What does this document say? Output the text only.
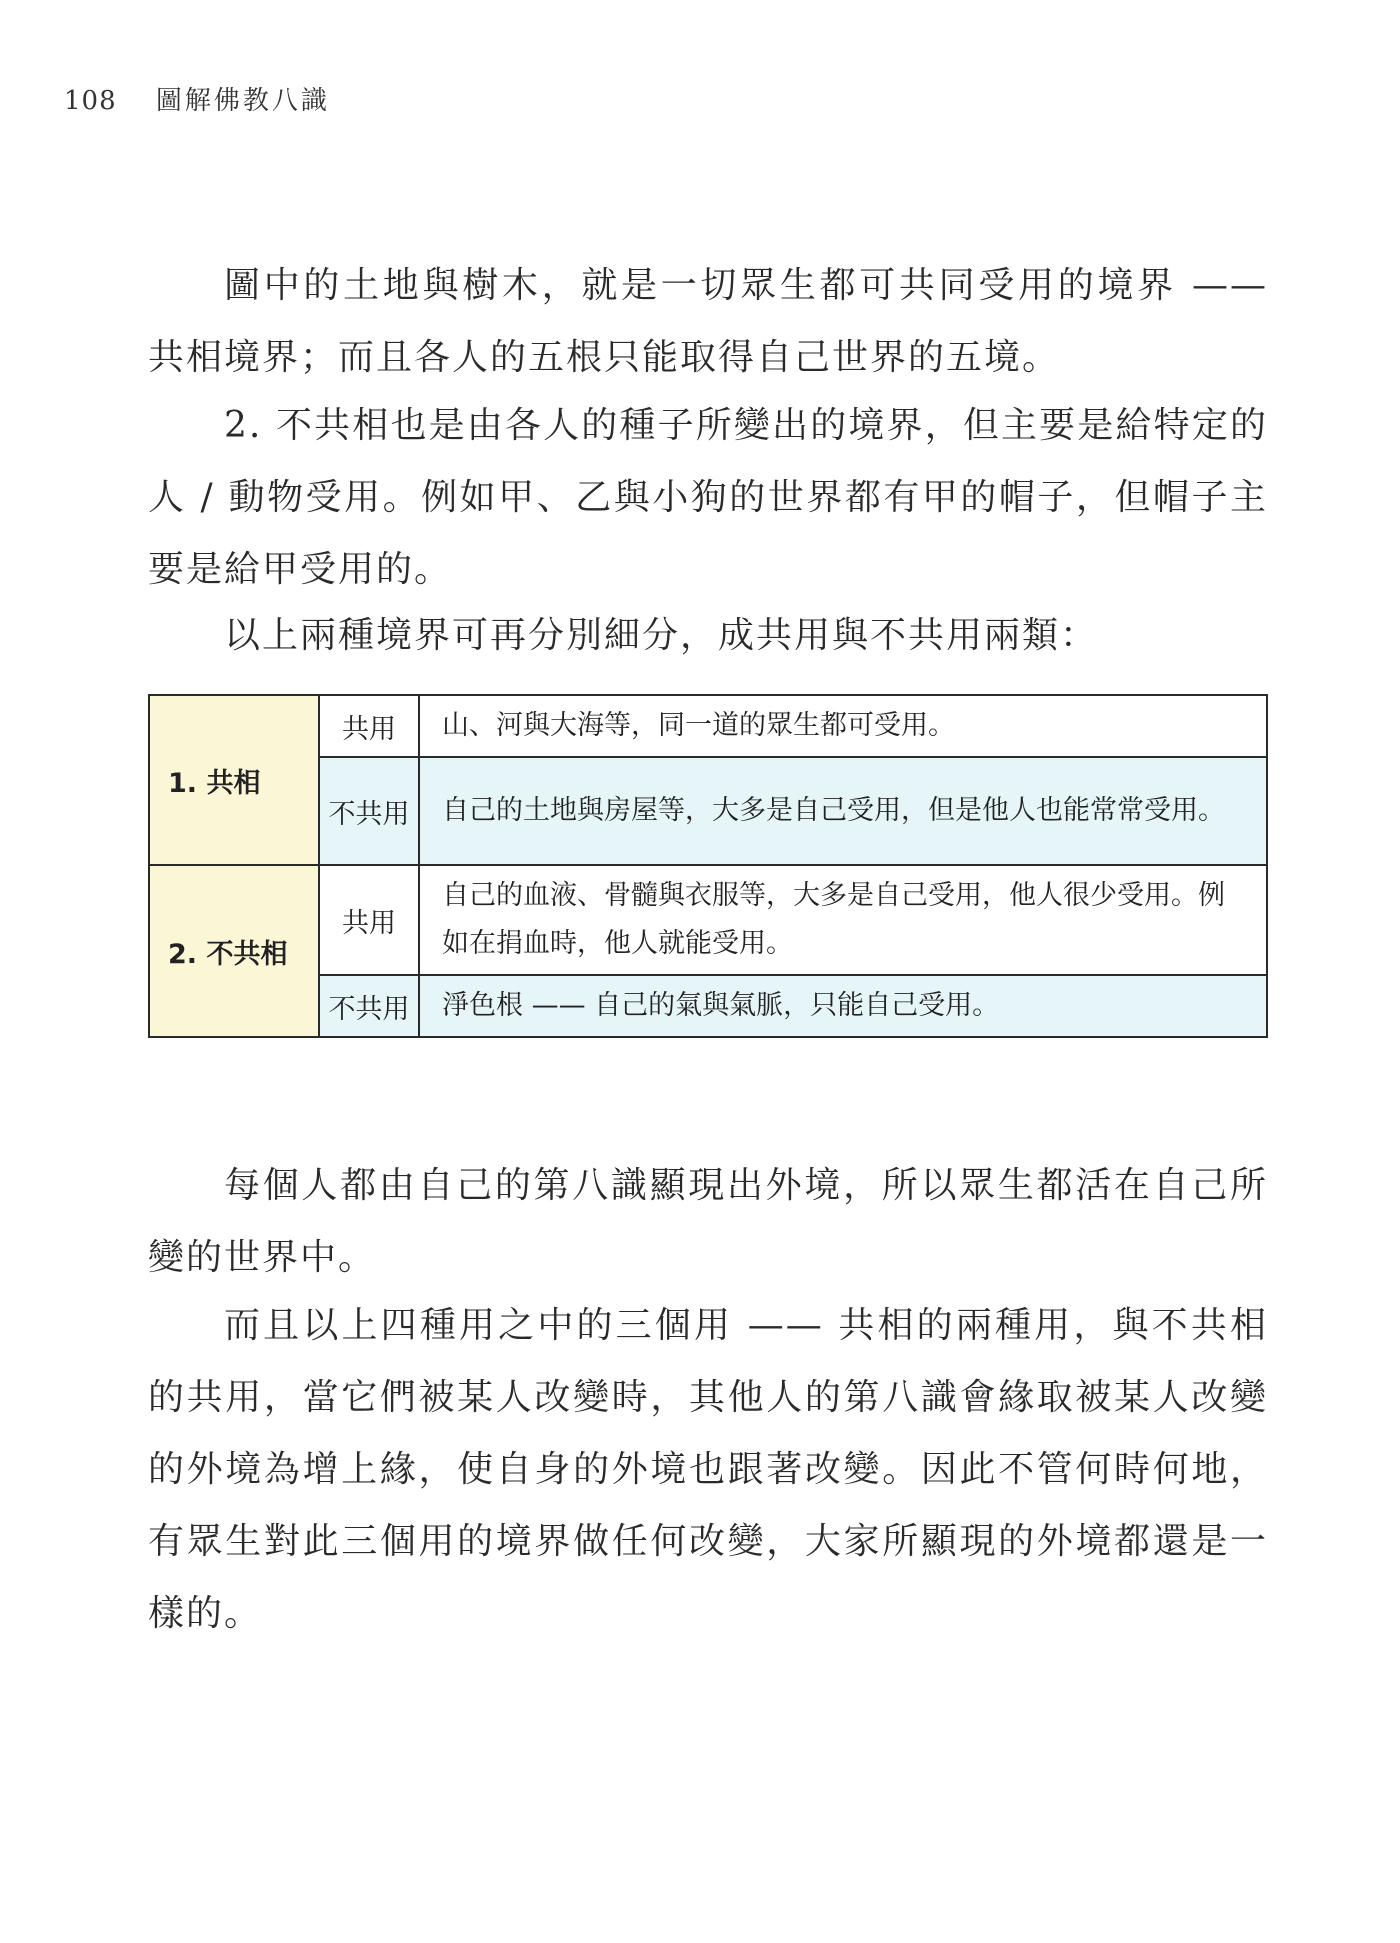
108 圖解佛教八識

圖中的土地與樹木，就是一切眾生都可共同受用的境界 —— 共相境界；而且各人的五根只能取得自己世界的五境。

2. 不共相也是由各人的種子所變出的境界，但主要是給特定的人 / 動物受用。例如甲、乙與小狗的世界都有甲的帽子，但帽子主要是給甲受用的。

以上兩種境界可再分別細分，成共用與不共用兩類：

1. 共相	共用	山、河與大海等，同一道的眾生都可受用。
	不共用	自己的土地與房屋等，大多是自己受用，但是他人也能常常受用。
2. 不共相	共用	自己的血液、骨髓與衣服等，大多是自己受用，他人很少受用。例如在捐血時，他人就能受用。
	不共用	淨色根 —— 自己的氣與氣脈，只能自己受用。

每個人都由自己的第八識顯現出外境，所以眾生都活在自己所變的世界中。

而且以上四種用之中的三個用 —— 共相的兩種用，與不共相的共用，當它們被某人改變時，其他人的第八識會緣取被某人改變的外境為增上緣，使自身的外境也跟著改變。因此不管何時何地，有眾生對此三個用的境界做任何改變，大家所顯現的外境都還是一樣的。
